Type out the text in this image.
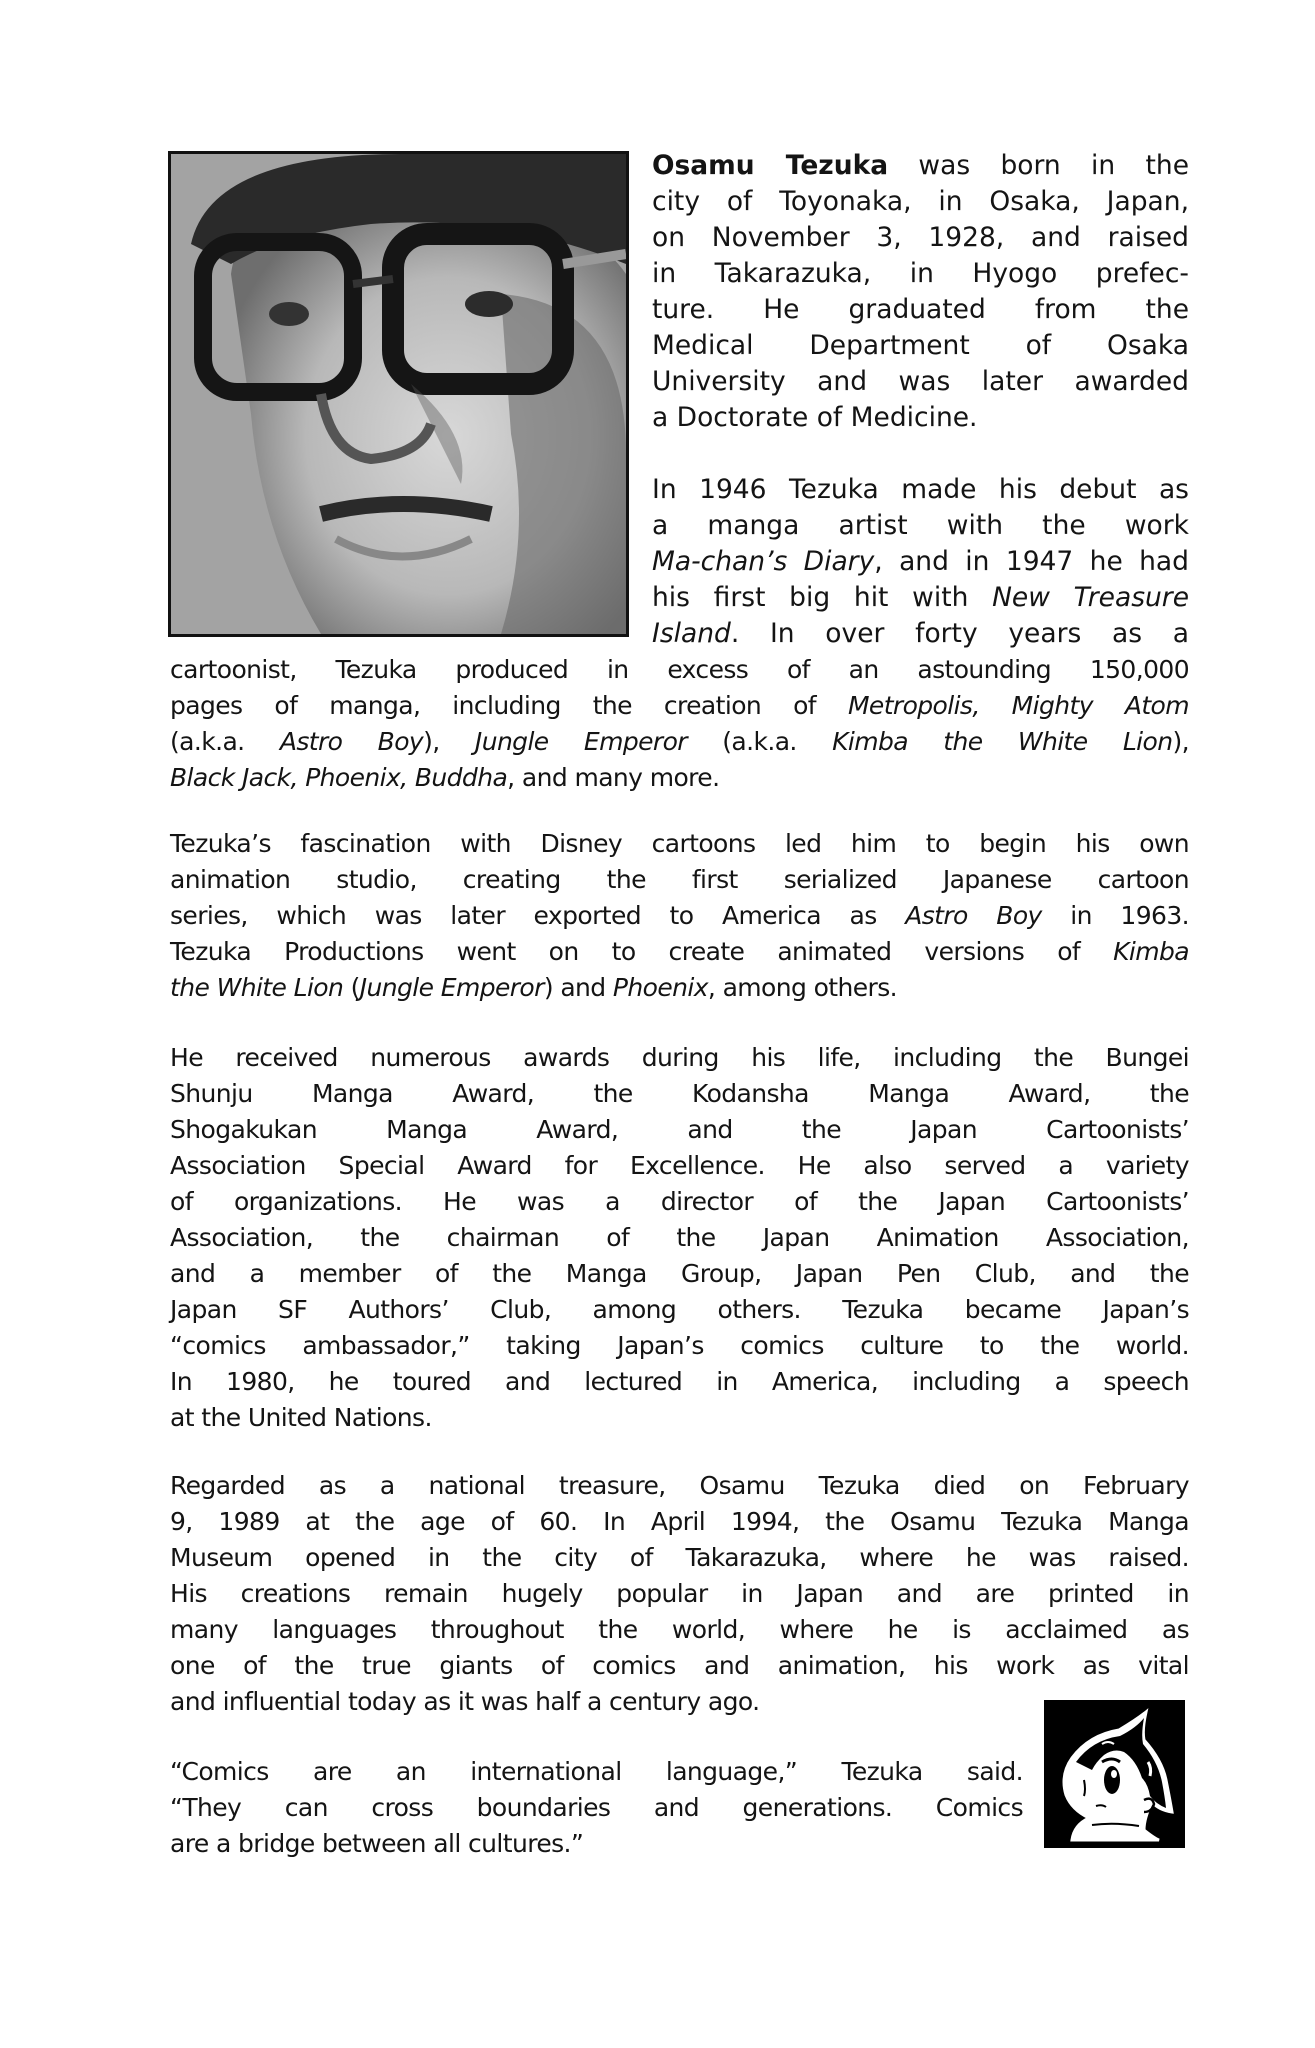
Osamu Tezuka was born in the
city of Toyonaka, in Osaka, Japan,
on November 3, 1928, and raised
in Takarazuka, in Hyogo prefec-
ture. He graduated from the
Medical Department of Osaka
University and was later awarded
a Doctorate of Medicine.
In 1946 Tezuka made his debut as
a manga artist with the work
Ma-chan’s Diary, and in 1947 he had
his first big hit with New Treasure
Island. In over forty years as a
cartoonist, Tezuka produced in excess of an astounding 150,000
pages of manga, including the creation of Metropolis, Mighty Atom
(a.k.a. Astro Boy), Jungle Emperor (a.k.a. Kimba the White Lion),
Black Jack, Phoenix, Buddha, and many more.
Tezuka’s fascination with Disney cartoons led him to begin his own
animation studio, creating the first serialized Japanese cartoon
series, which was later exported to America as Astro Boy in 1963.
Tezuka Productions went on to create animated versions of Kimba
the White Lion (Jungle Emperor) and Phoenix, among others.
He received numerous awards during his life, including the Bungei
Shunju Manga Award, the Kodansha Manga Award, the
Shogakukan Manga Award, and the Japan Cartoonists’
Association Special Award for Excellence. He also served a variety
of organizations. He was a director of the Japan Cartoonists’
Association, the chairman of the Japan Animation Association,
and a member of the Manga Group, Japan Pen Club, and the
Japan SF Authors’ Club, among others. Tezuka became Japan’s
“comics ambassador,” taking Japan’s comics culture to the world.
In 1980, he toured and lectured in America, including a speech
at the United Nations.
Regarded as a national treasure, Osamu Tezuka died on February
9, 1989 at the age of 60. In April 1994, the Osamu Tezuka Manga
Museum opened in the city of Takarazuka, where he was raised.
His creations remain hugely popular in Japan and are printed in
many languages throughout the world, where he is acclaimed as
one of the true giants of comics and animation, his work as vital
and influential today as it was half a century ago.
“Comics are an international language,” Tezuka said.
“They can cross boundaries and generations. Comics
are a bridge between all cultures.”
